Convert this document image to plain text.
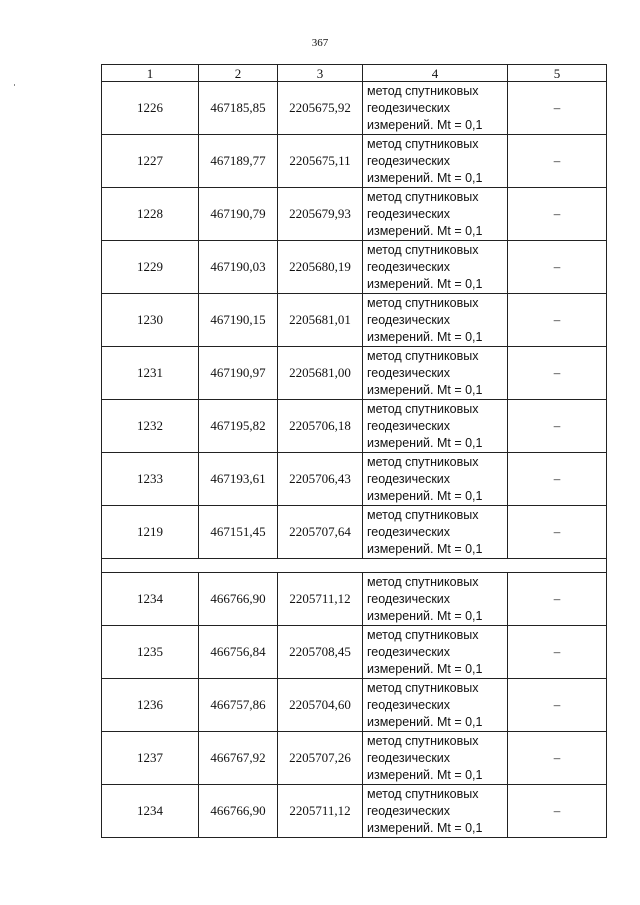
367
1	2	3	4	5
1226	467185,85	2205675,92	метод спутниковых геодезических измерений. Mt = 0,1	–
1227	467189,77	2205675,11	метод спутниковых геодезических измерений. Mt = 0,1	–
1228	467190,79	2205679,93	метод спутниковых геодезических измерений. Mt = 0,1	–
1229	467190,03	2205680,19	метод спутниковых геодезических измерений. Mt = 0,1	–
1230	467190,15	2205681,01	метод спутниковых геодезических измерений. Mt = 0,1	–
1231	467190,97	2205681,00	метод спутниковых геодезических измерений. Mt = 0,1	–
1232	467195,82	2205706,18	метод спутниковых геодезических измерений. Mt = 0,1	–
1233	467193,61	2205706,43	метод спутниковых геодезических измерений. Mt = 0,1	–
1219	467151,45	2205707,64	метод спутниковых геодезических измерений. Mt = 0,1	–

1234	466766,90	2205711,12	метод спутниковых геодезических измерений. Mt = 0,1	–
1235	466756,84	2205708,45	метод спутниковых геодезических измерений. Mt = 0,1	–
1236	466757,86	2205704,60	метод спутниковых геодезических измерений. Mt = 0,1	–
1237	466767,92	2205707,26	метод спутниковых геодезических измерений. Mt = 0,1	–
1234	466766,90	2205711,12	метод спутниковых геодезических измерений. Mt = 0,1	–
